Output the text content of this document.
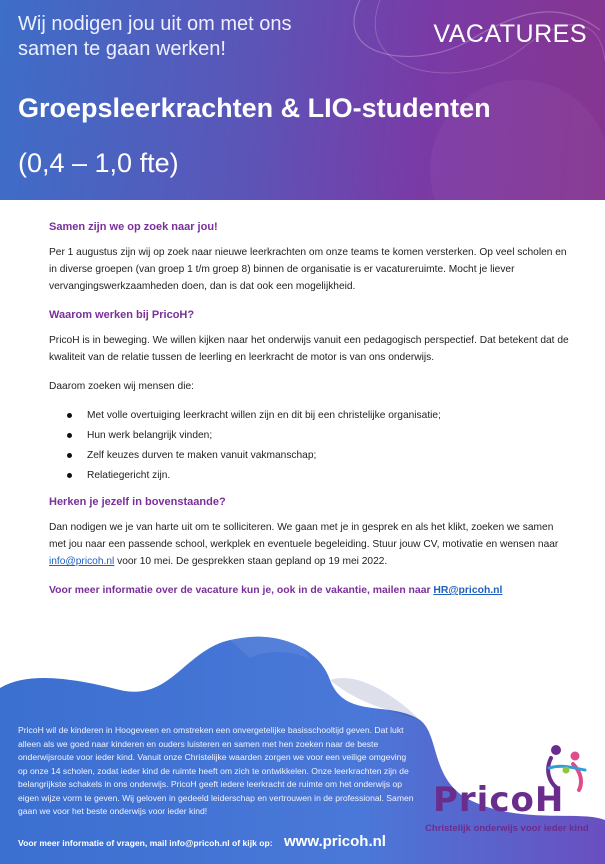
Wij nodigen jou uit om met ons samen te gaan werken!

VACATURES

Groepsleerkrachten & LIO-studenten

(0,4 – 1,0 fte)

Samen zijn we op zoek naar jou!

Per 1 augustus zijn wij op zoek naar nieuwe leerkrachten om onze teams te komen versterken. Op veel scholen en in diverse groepen (van groep 1 t/m groep 8) binnen de organisatie is er vacatureruimte. Mocht je liever vervangingswerkzaamheden doen, dan is dat ook een mogelijkheid.

Waarom werken bij PricoH?

PricoH is in beweging. We willen kijken naar het onderwijs vanuit een pedagogisch perspectief. Dat betekent dat de kwaliteit van de relatie tussen de leerling en leerkracht de motor is van ons onderwijs.

Daarom zoeken wij mensen die:

Met volle overtuiging leerkracht willen zijn en dit bij een christelijke organisatie;
Hun werk belangrijk vinden;
Zelf keuzes durven te maken vanuit vakmanschap;
Relatiegericht zijn.
Herken je jezelf in bovenstaande?

Dan nodigen we je van harte uit om te solliciteren. We gaan met je in gesprek en als het klikt, zoeken we samen met jou naar een passende school, werkplek en eventuele begeleiding. Stuur jouw CV, motivatie en wensen naar info@pricoh.nl voor 10 mei. De gesprekken staan gepland op 19 mei 2022.

Voor meer informatie over de vacature kun je, ook in de vakantie, mailen naar HR@pricoh.nl

PricoH wil de kinderen in Hoogeveen en omstreken een onvergetelijke basisschooltijd geven. Dat lukt alleen als we goed naar kinderen en ouders luisteren en samen met hen zoeken naar de beste onderwijsroute voor ieder kind. Vanuit onze Christelijke waarden zorgen we voor een veilige omgeving op onze 14 scholen, zodat ieder kind de ruimte heeft om zich te ontwikkelen. Onze leerkrachten zijn de belangrijkste schakels in ons onderwijs. PricoH geeft iedere leerkracht de ruimte om het onderwijs op eigen wijze vorm te geven. Wij geloven in gedeeld leiderschap en vertrouwen in de professional. Samen gaan we voor het beste onderwijs voor ieder kind!

Voor meer informatie of vragen, mail info@pricoh.nl of kijk op: www.pricoh.nl
PricoH
Christelijk onderwijs voor ieder kind
